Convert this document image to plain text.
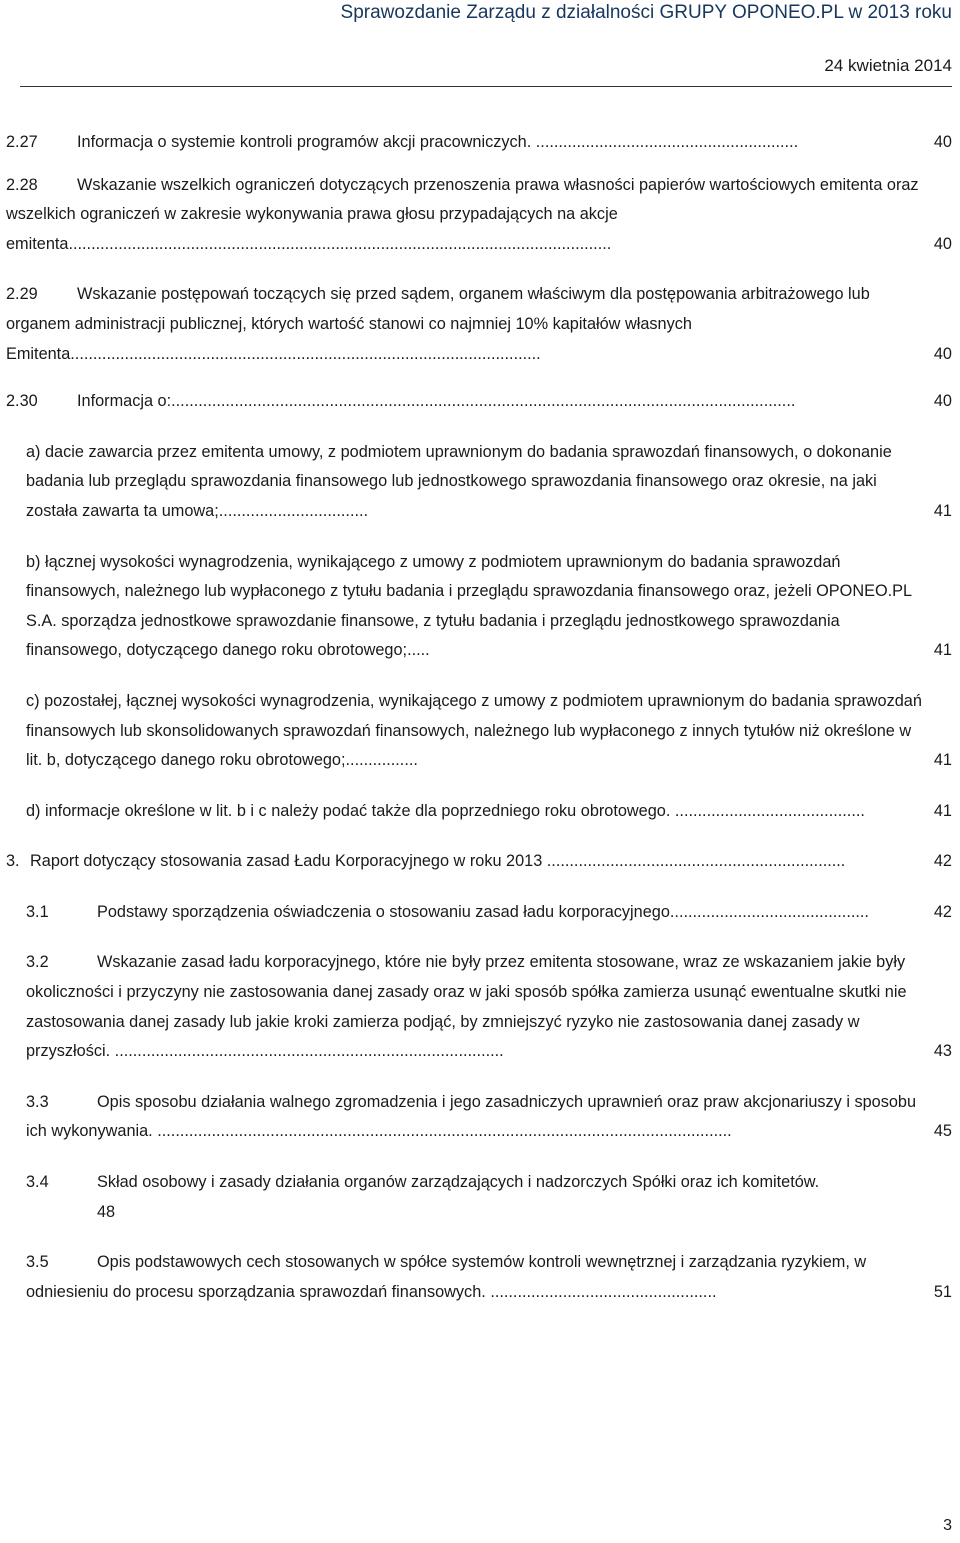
Sprawozdanie Zarządu z działalności GRUPY OPONEO.PL w 2013 roku
24 kwietnia 2014

2.27 Informacja o systemie kontroli programów akcji pracowniczych. ..........................................................	40

2.28 Wskazanie wszelkich ograniczeń dotyczących przenoszenia prawa własności papierów wartościowych emitenta oraz wszelkich ograniczeń w zakresie wykonywania prawa głosu przypadających na akcje emitenta........................................................................................................................	40

2.29 Wskazanie postępowań toczących się przed sądem, organem właściwym dla postępowania arbitrażowego lub organem administracji publicznej, których wartość stanowi co najmniej 10% kapitałów własnych Emitenta........................................................................................................	40

2.30 Informacja o:..........................................................................................................................................	40

a) dacie zawarcia przez emitenta umowy, z podmiotem uprawnionym do badania sprawozdań finansowych, o dokonanie badania lub przeglądu sprawozdania finansowego lub jednostkowego sprawozdania finansowego oraz okresie, na jaki została zawarta ta umowa;.................................	41

b) łącznej wysokości wynagrodzenia, wynikającego z umowy z podmiotem uprawnionym do badania sprawozdań finansowych, należnego lub wypłaconego z tytułu badania i przeglądu sprawozdania finansowego oraz, jeżeli OPONEO.PL S.A. sporządza jednostkowe sprawozdanie finansowe, z tytułu badania i przeglądu jednostkowego sprawozdania finansowego, dotyczącego danego roku obrotowego;.....	41

c) pozostałej, łącznej wysokości wynagrodzenia, wynikającego z umowy z podmiotem uprawnionym do badania sprawozdań finansowych lub skonsolidowanych sprawozdań finansowych, należnego lub wypłaconego z innych tytułów niż określone w lit. b, dotyczącego danego roku obrotowego;................	41

d) informacje określone w lit. b i c należy podać także dla poprzedniego roku obrotowego. ..........................................	41

3. Raport dotyczący stosowania zasad Ładu Korporacyjnego w roku 2013 ..................................................................	42

3.1	Podstawy sporządzenia oświadczenia o stosowaniu zasad ładu korporacyjnego............................................	42

3.2	Wskazanie zasad ładu korporacyjnego, które nie były przez emitenta stosowane, wraz ze wskazaniem jakie były okoliczności i przyczyny nie zastosowania danej zasady oraz w jaki sposób spółka zamierza usunąć ewentualne skutki nie zastosowania danej zasady lub jakie kroki zamierza podjąć, by zmniejszyć ryzyko nie zastosowania danej zasady w przyszłości. ......................................................................................	43

3.3	Opis sposobu działania walnego zgromadzenia i jego zasadniczych uprawnień oraz praw akcjonariuszy i sposobu ich wykonywania. ...............................................................................................................................	45

3.4	Skład osobowy i zasady działania organów zarządzających i nadzorczych Spółki oraz ich komitetów.
48

3.5	Opis podstawowych cech stosowanych w spółce systemów kontroli wewnętrznej i zarządzania ryzykiem, w odniesieniu do procesu sporządzania sprawozdań finansowych. ..................................................	51

3
